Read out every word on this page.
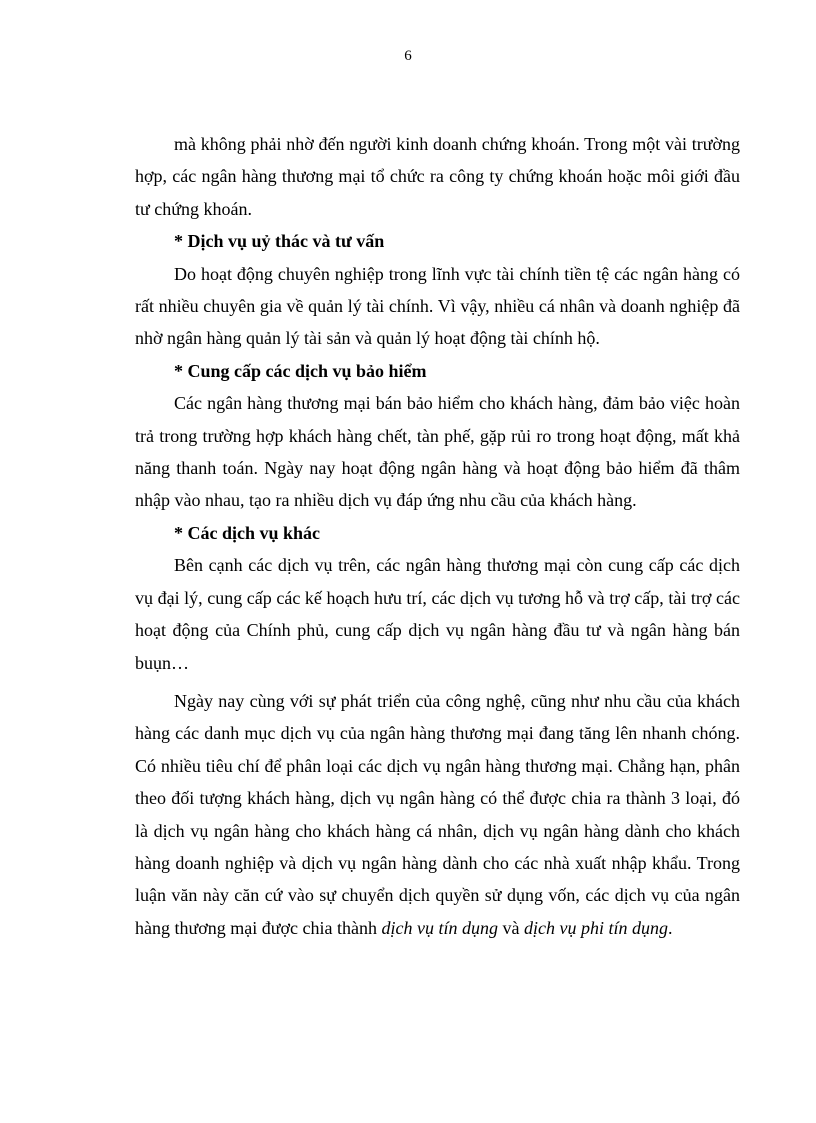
6

mà không phải nhờ đến người kinh doanh chứng khoán. Trong một vài trường hợp, các ngân hàng thương mại tổ chức ra công ty chứng khoán hoặc môi giới đầu tư chứng khoán.

* Dịch vụ uỷ thác và tư vấn

Do hoạt động chuyên nghiệp trong lĩnh vực tài chính tiền tệ các ngân hàng có rất nhiều chuyên gia về quản lý tài chính. Vì vậy, nhiều cá nhân và doanh nghiệp đã nhờ ngân hàng quản lý tài sản và quản lý hoạt động tài chính hộ.

* Cung cấp các dịch vụ bảo hiểm

Các ngân hàng thương mại bán bảo hiểm cho khách hàng, đảm bảo việc hoàn trả trong trường hợp khách hàng chết, tàn phế, gặp rủi ro trong hoạt động, mất khả năng thanh toán. Ngày nay hoạt động ngân hàng và hoạt động bảo hiểm đã thâm nhập vào nhau, tạo ra nhiều dịch vụ đáp ứng nhu cầu của khách hàng.

* Các dịch vụ khác

Bên cạnh các dịch vụ trên, các ngân hàng thương mại còn cung cấp các dịch vụ đại lý, cung cấp các kế hoạch hưu trí, các dịch vụ tương hỗ và trợ cấp, tài trợ các hoạt động của Chính phủ, cung cấp dịch vụ ngân hàng đầu tư và ngân hàng bán buụn…

Ngày nay cùng với sự phát triển của công nghệ, cũng như nhu cầu của khách hàng các danh mục dịch vụ của ngân hàng thương mại đang tăng lên nhanh chóng. Có nhiều tiêu chí để phân loại các dịch vụ ngân hàng thương mại. Chẳng hạn, phân theo đối tượng khách hàng, dịch vụ ngân hàng có thể được chia ra thành 3 loại, đó là dịch vụ ngân hàng cho khách hàng cá nhân, dịch vụ ngân hàng dành cho khách hàng doanh nghiệp và dịch vụ ngân hàng dành cho các nhà xuất nhập khẩu. Trong luận văn này căn cứ vào sự chuyển dịch quyền sử dụng vốn, các dịch vụ của ngân hàng thương mại được chia thành dịch vụ tín dụng và dịch vụ phi tín dụng.
